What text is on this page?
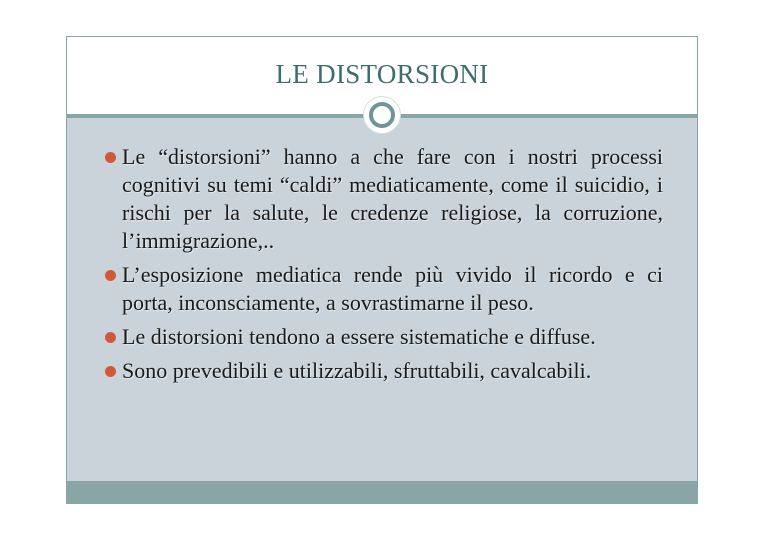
LE DISTORSIONI
Le “distorsioni” hanno a che fare con i nostri processi cognitivi su temi “caldi” mediaticamente, come il suicidio, i rischi per la salute, le credenze religiose, la corruzione, l’immigrazione,..
L’esposizione mediatica rende più vivido il ricordo e ci porta, inconsciamente, a sovrastimarne il peso.
Le distorsioni tendono a essere sistematiche e diffuse.
Sono prevedibili e utilizzabili, sfruttabili, cavalcabili.
